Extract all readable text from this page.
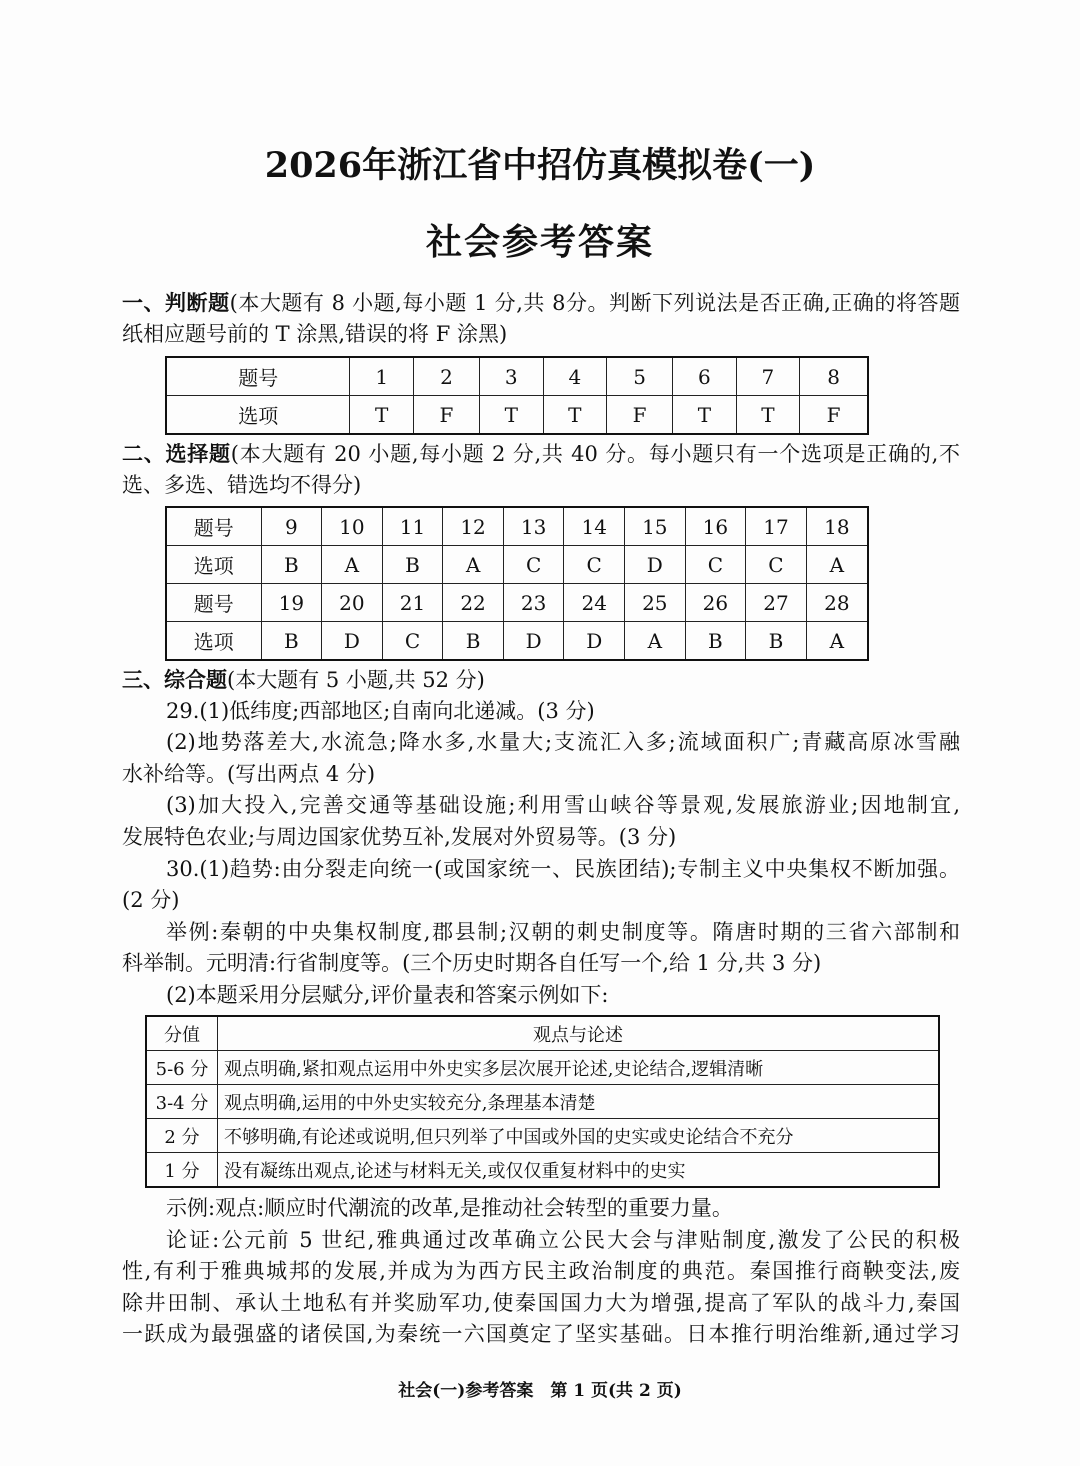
2026年浙江省中招仿真模拟卷(一)
社会参考答案
一、判断题(本大题有 8 小题,每小题 1 分,共 8分。判断下列说法是否正确,正确的将答题
纸相应题号前的 T 涂黑,错误的将 F 涂黑)
题号	1	2	3	4	5	6	7	8
选项	T	F	T	T	F	T	T	F
二、选择题(本大题有 20 小题,每小题 2 分,共 40 分。每小题只有一个选项是正确的,不
选、多选、错选均不得分)
题号	9	10	11	12	13	14	15	16	17	18
选项	B	A	B	A	C	C	D	C	C	A
题号	19	20	21	22	23	24	25	26	27	28
选项	B	D	C	B	D	D	A	B	B	A
三、综合题(本大题有 5 小题,共 52 分)
29.(1)低纬度;西部地区;自南向北递减。(3 分)
(2)地势落差大,水流急;降水多,水量大;支流汇入多;流域面积广;青藏高原冰雪融
水补给等。(写出两点 4 分)
(3)加大投入,完善交通等基础设施;利用雪山峡谷等景观,发展旅游业;因地制宜,
发展特色农业;与周边国家优势互补,发展对外贸易等。(3 分)
30.(1)趋势:由分裂走向统一(或国家统一、民族团结);专制主义中央集权不断加强。
(2 分)
举例:秦朝的中央集权制度,郡县制;汉朝的刺史制度等。隋唐时期的三省六部制和
科举制。元明清:行省制度等。(三个历史时期各自任写一个,给 1 分,共 3 分)
(2)本题采用分层赋分,评价量表和答案示例如下:
分值	观点与论述
5-6 分	观点明确,紧扣观点运用中外史实多层次展开论述,史论结合,逻辑清晰
3-4 分	观点明确,运用的中外史实较充分,条理基本清楚
2 分	不够明确,有论述或说明,但只列举了中国或外国的史实或史论结合不充分
1 分	没有凝练出观点,论述与材料无关,或仅仅重复材料中的史实
示例:观点:顺应时代潮流的改革,是推动社会转型的重要力量。
论证:公元前 5 世纪,雅典通过改革确立公民大会与津贴制度,激发了公民的积极
性,有利于雅典城邦的发展,并成为为西方民主政治制度的典范。秦国推行商鞅变法,废
除井田制、承认土地私有并奖励军功,使秦国国力大为增强,提高了军队的战斗力,秦国
一跃成为最强盛的诸侯国,为秦统一六国奠定了坚实基础。日本推行明治维新,通过学习
社会(一)参考答案　第 1 页(共 2 页)
